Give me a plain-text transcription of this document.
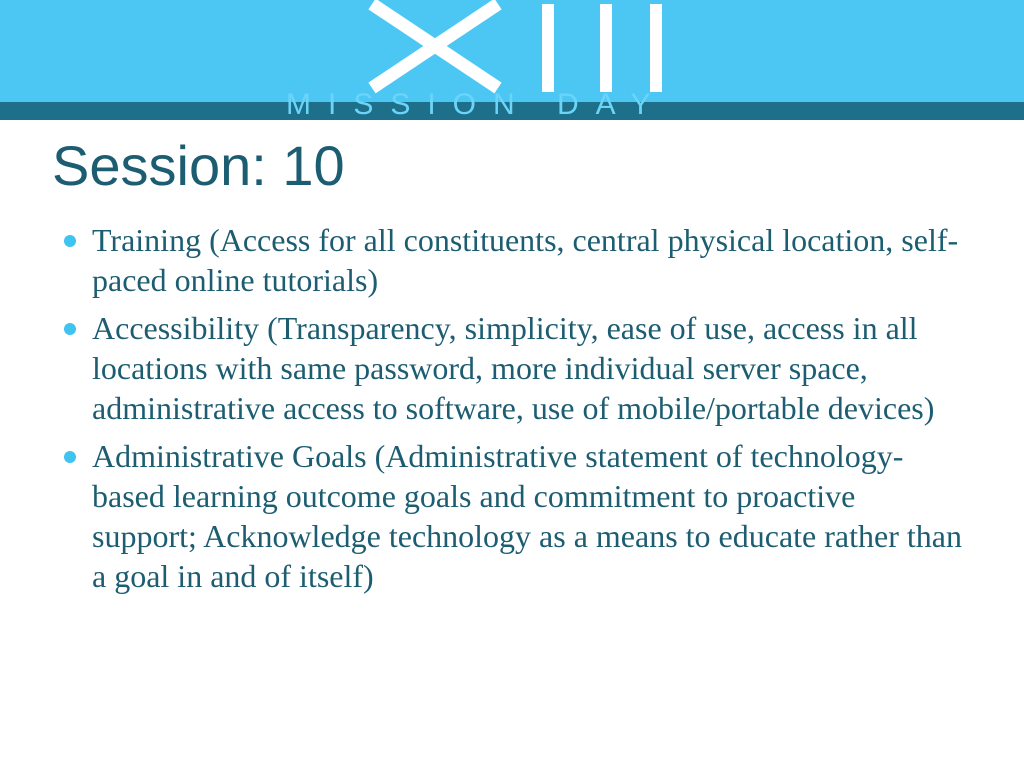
MISSION DAY
Session: 10
Training (Access for all constituents, central physical location, self-paced online tutorials)
Accessibility (Transparency, simplicity, ease of use, access in all locations with same password, more individual server space, administrative access to software, use of mobile/portable devices)
Administrative Goals (Administrative statement of technology-based learning outcome goals and commitment to proactive support; Acknowledge technology as a means to educate rather than a goal in and of itself)
